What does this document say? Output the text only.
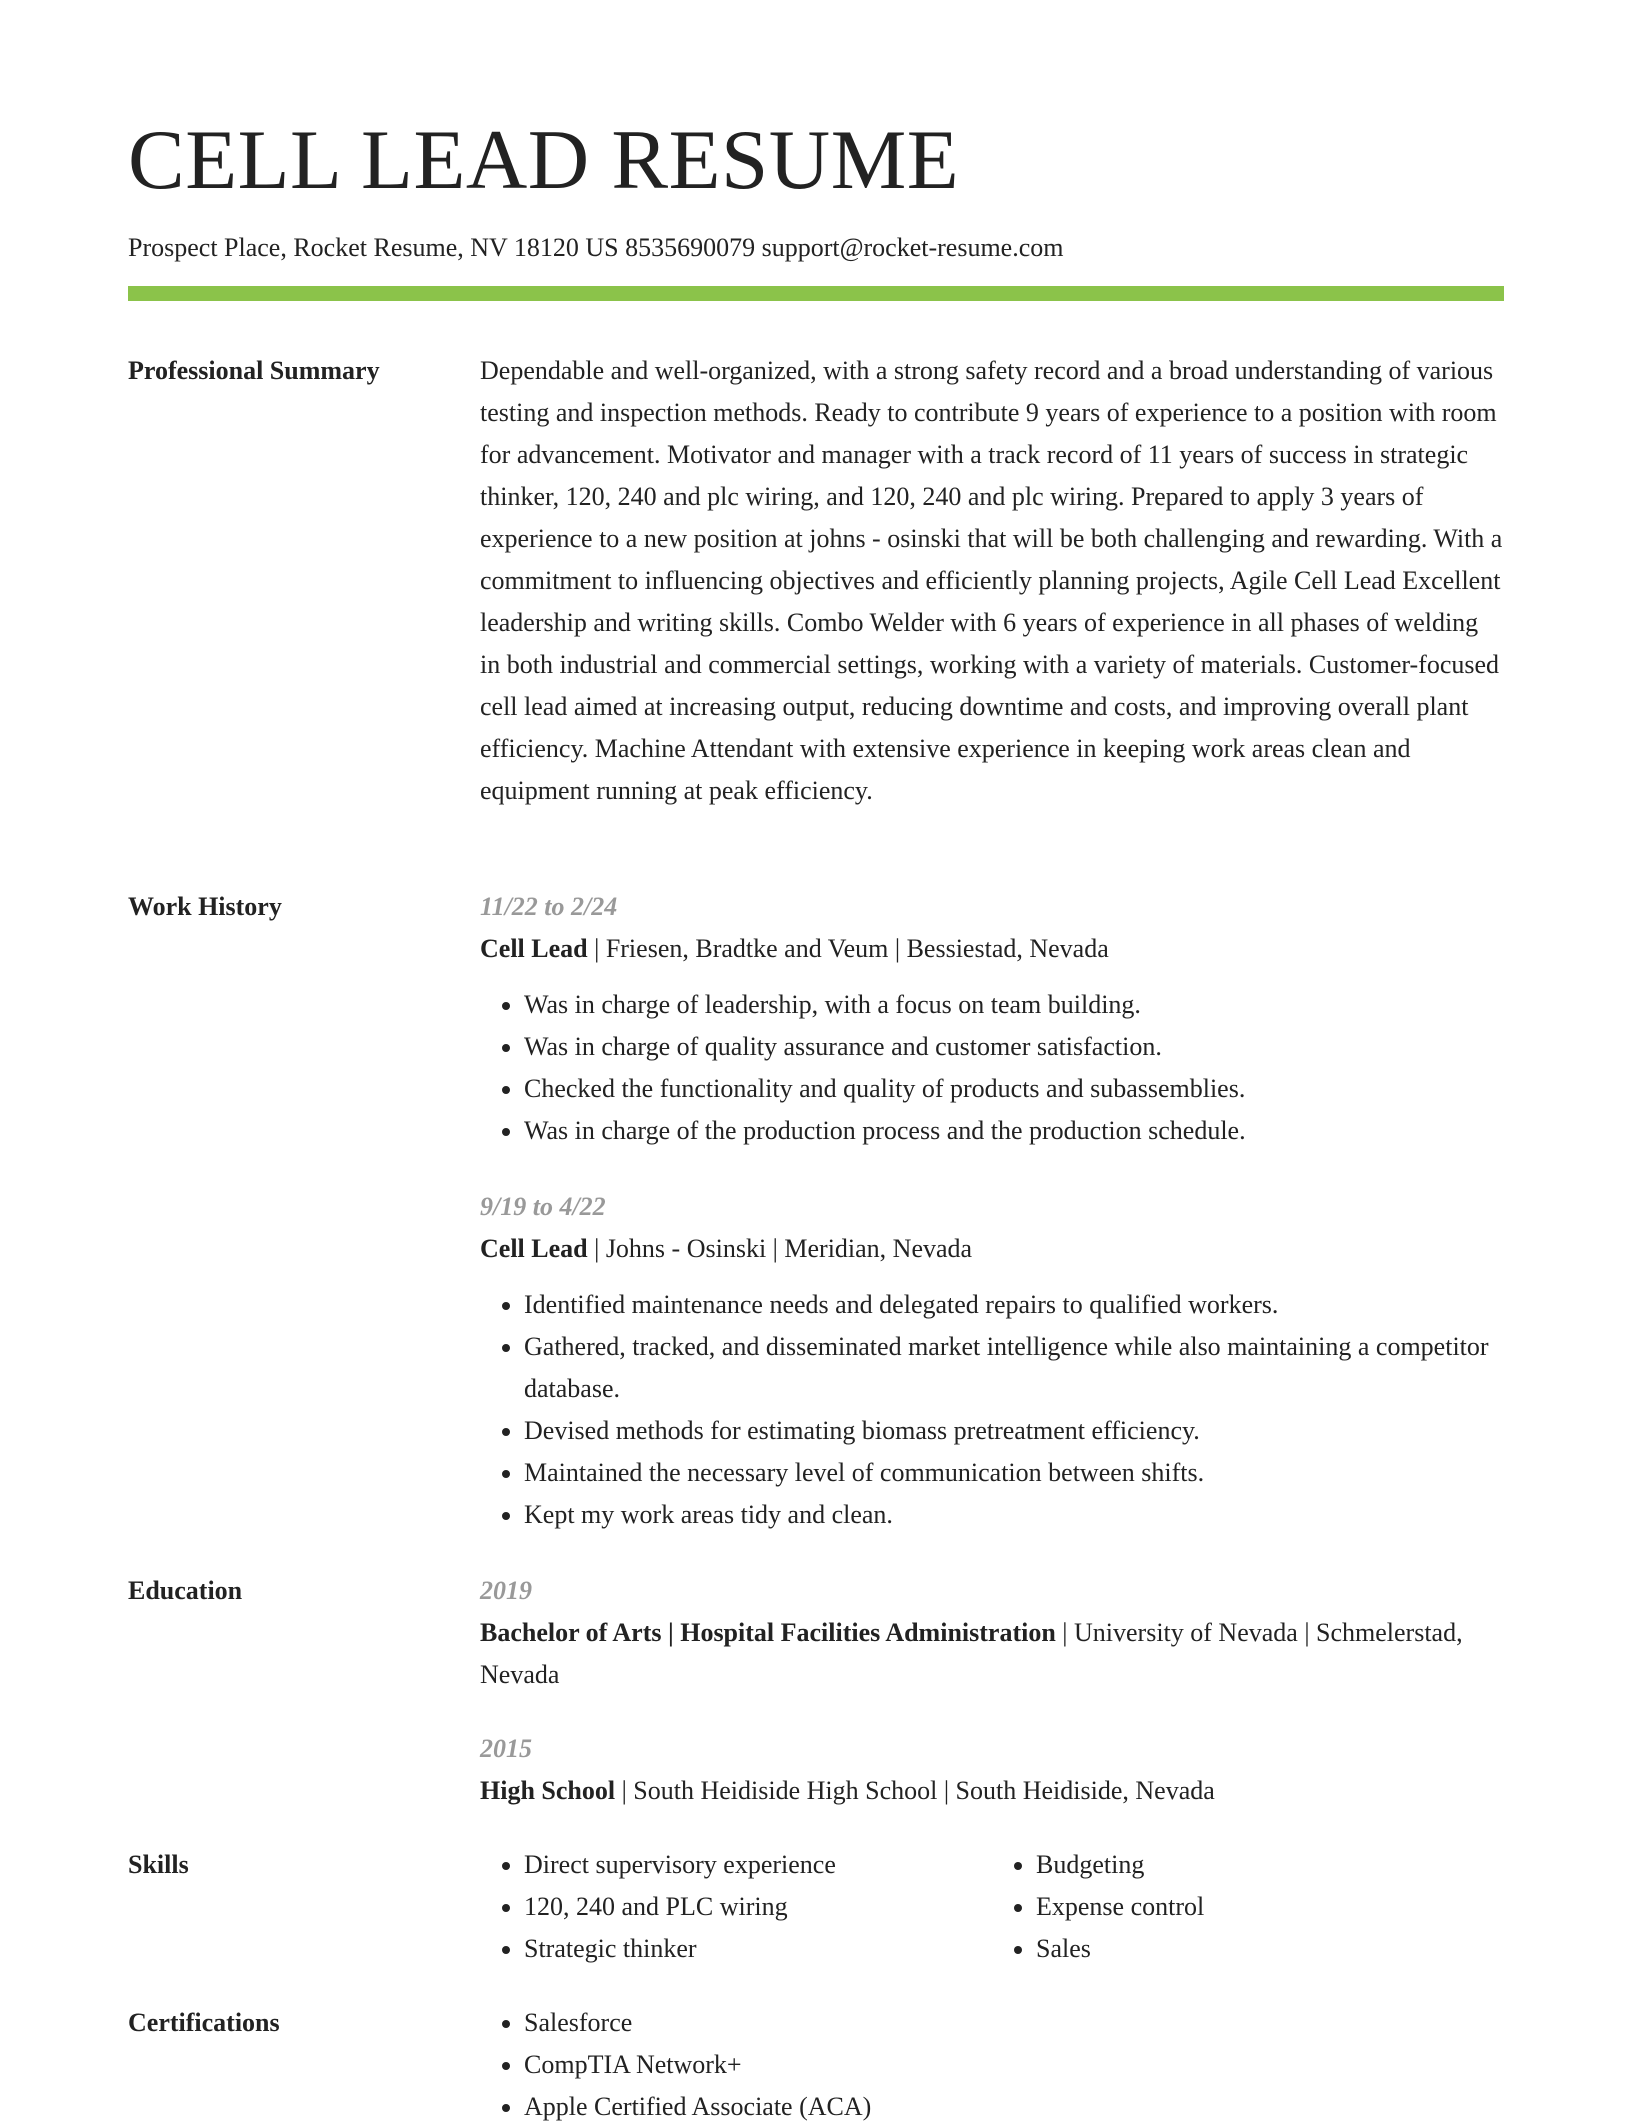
CELL LEAD RESUME
Prospect Place, Rocket Resume, NV 18120 US 8535690079 support@rocket-resume.com
Professional Summary	Dependable and well-organized, with a strong safety record and a broad understanding of various testing and inspection methods. Ready to contribute 9 years of experience to a position with room for advancement. Motivator and manager with a track record of 11 years of success in strategic thinker, 120, 240 and plc wiring, and 120, 240 and plc wiring. Prepared to apply 3 years of experience to a new position at johns - osinski that will be both challenging and rewarding. With a commitment to influencing objectives and efficiently planning projects, Agile Cell Lead Excellent leadership and writing skills. Combo Welder with 6 years of experience in all phases of welding in both industrial and commercial settings, working with a variety of materials. Customer-focused cell lead aimed at increasing output, reducing downtime and costs, and improving overall plant efficiency. Machine Attendant with extensive experience in keeping work areas clean and equipment running at peak efficiency.

Work History	11/22 to 2/24

Cell Lead | Friesen, Bradtke and Veum | Bessiestad, Nevada

• Was in charge of leadership, with a focus on team building.
• Was in charge of quality assurance and customer satisfaction.
• Checked the functionality and quality of products and subassemblies.
• Was in charge of the production process and the production schedule.

9/19 to 4/22

Cell Lead | Johns - Osinski | Meridian, Nevada

• Identified maintenance needs and delegated repairs to qualified workers.
• Gathered, tracked, and disseminated market intelligence while also maintaining a competitor database.
• Devised methods for estimating biomass pretreatment efficiency.
• Maintained the necessary level of communication between shifts.
• Kept my work areas tidy and clean.
Education	2019

Bachelor of Arts | Hospital Facilities Administration | University of Nevada | Schmelerstad, Nevada

2015

High School | South Heidiside High School | South Heidiside, Nevada

Skills	• Direct supervisory experience
• 120, 240 and PLC wiring
• Strategic thinker
• Budgeting
• Expense control
• Sales
Certifications	• Salesforce
• CompTIA Network+
• Apple Certified Associate (ACA)
